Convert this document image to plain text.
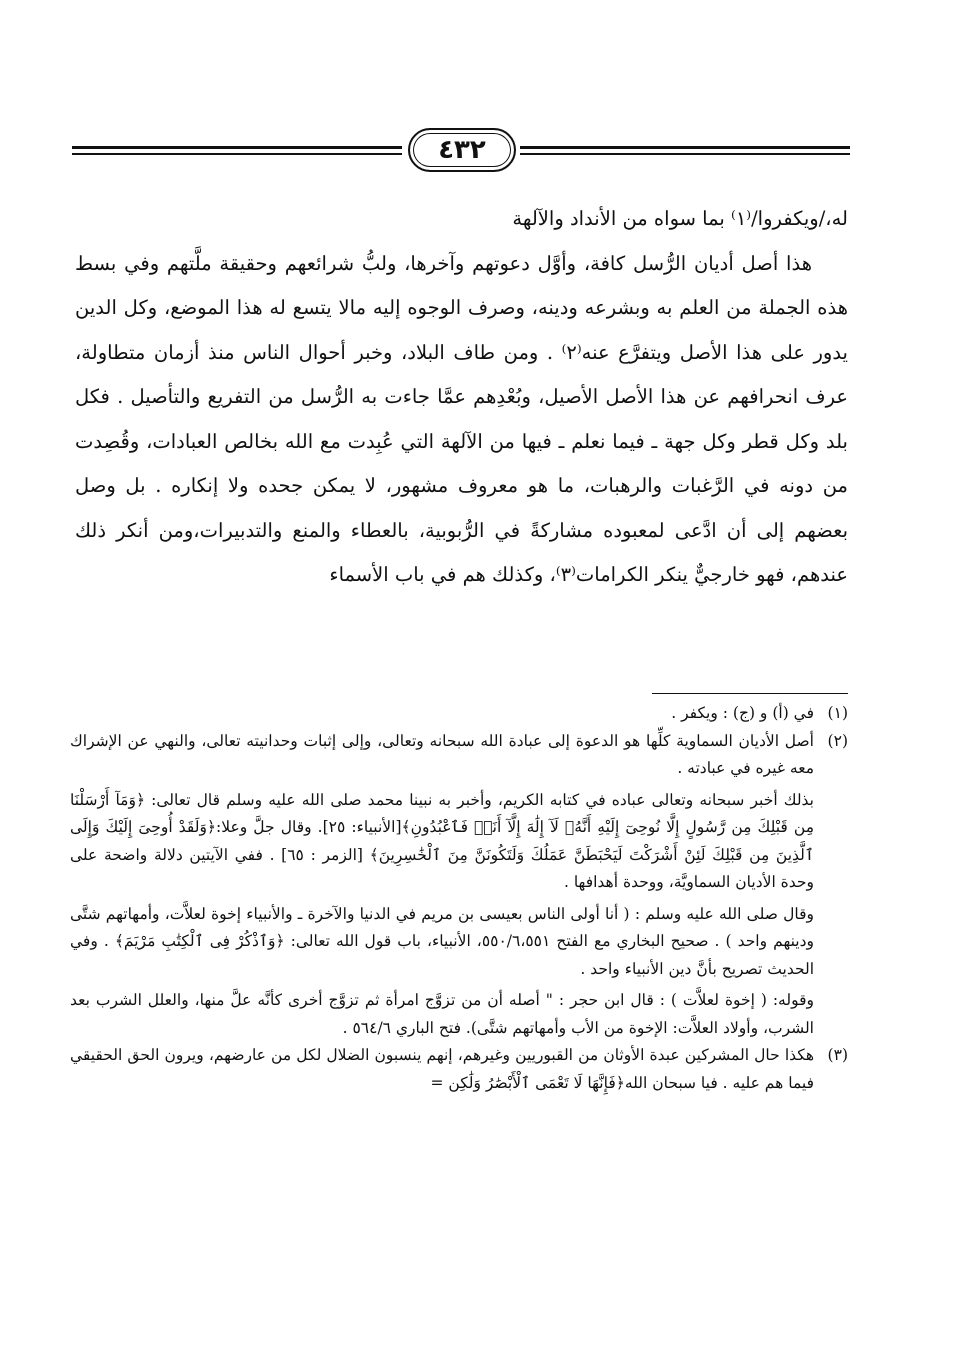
٤٣٢

له،/ويكفروا/⁽١⁾ بما سواه من الأنداد والآلهة

هذا أصل أديان الرُّسل كافة، وأوَّل دعوتهم وآخرها، ولبُّ شرائعهم وحقيقة ملَّتهم وفي بسط هذه الجملة من العلم به وبشرعه ودينه، وصرف الوجوه إليه مالا يتسع له هذا الموضع، وكل الدين يدور على هذا الأصل ويتفرَّع عنه⁽٢⁾ . ومن طاف البلاد، وخبر أحوال الناس منذ أزمان متطاولة، عرف انحرافهم عن هذا الأصل الأصيل، وبُعْدِهم عمَّا جاءت به الرُّسل من التفريع والتأصيل . فكل بلد وكل قطر وكل جهة ـ فيما نعلم ـ فيها من الآلهة التي عُبِدت مع الله بخالص العبادات، وقُصِدت من دونه في الرَّغبات والرهبات، ما هو معروف مشهور، لا يمكن جحده ولا إنكاره . بل وصل بعضهم إلى أن ادَّعى لمعبوده مشاركةً في الرُّبوبية، بالعطاء والمنع والتدبيرات،ومن أنكر ذلك عندهم، فهو خارجيٌّ ينكر الكرامات⁽٣⁾، وكذلك هم في باب الأسماء

(١)

في (أ) و (ج) : ويكفر .

(٢)

أصل الأديان السماوية كلِّها هو الدعوة إلى عبادة الله سبحانه وتعالى، وإلى إثبات وحدانيته تعالى، والنهي عن الإشراك معه غيره في عبادته .

بذلك أخبر سبحانه وتعالى عباده في كتابه الكريم، وأخبر به نبينا محمد صلى الله عليه وسلم قال تعالى: ﴿وَمَآ أَرْسَلْنَا مِن قَبْلِكَ مِن رَّسُولٍ إِلَّا نُوحِىٓ إِلَيْهِ أَنَّهُۥ لَآ إِلَٰهَ إِلَّآ أَنَا۠ فَٱعْبُدُونِ﴾[الأنبياء: ٢٥]. وقال جلَّ وعلا:﴿وَلَقَدْ أُوحِىَ إِلَيْكَ وَإِلَى ٱلَّذِينَ مِن قَبْلِكَ لَئِنْ أَشْرَكْتَ لَيَحْبَطَنَّ عَمَلُكَ وَلَتَكُونَنَّ مِنَ ٱلْخَٰسِرِينَ﴾ [الزمر : ٦٥] . ففي الآيتين دلالة واضحة على وحدة الأديان السماويَّة، ووحدة أهدافها .

وقال صلى الله عليه وسلم : ( أنا أولى الناس بعيسى بن مريم في الدنيا والآخرة ـ والأنبياء إخوة لعلاَّت، وأمهاتهم شتَّى ودينهم واحد ) . صحيح البخاري مع الفتح ٥٥٠/٦،٥٥١، الأنبياء، باب قول الله تعالى: ﴿وَٱذْكُرْ فِى ٱلْكِتَٰبِ مَرْيَمَ﴾ . وفي الحديث تصريح بأنَّ دين الأنبياء واحد .

وقوله: ( إخوة لعلاَّت ) : قال ابن حجر : " أصله أن من تزوَّج امرأة ثم تزوَّج أخرى كأنَّه علَّ منها، والعلل الشرب بعد الشرب، وأولاد العلاَّت: الإخوة من الأب وأمهاتهم شتَّى). فتح الباري ٥٦٤/٦ .

(٣)

هكذا حال المشركين عبدة الأوثان من القبوريين وغيرهم، إنهم ينسبون الضلال لكل من عارضهم، ويرون الحق الحقيقي فيما هم عليه . فيا سبحان الله﴿فَإِنَّهَا لَا تَعْمَى ٱلْأَبْصَٰرُ وَلَٰكِن =
